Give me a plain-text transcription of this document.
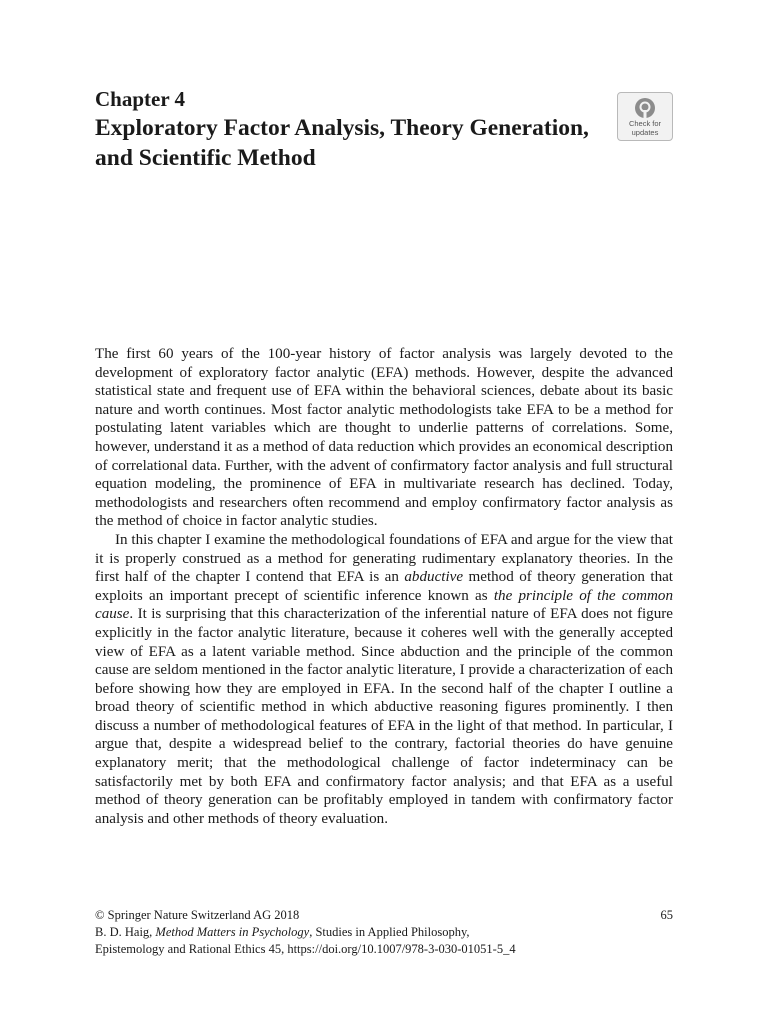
Chapter 4
Exploratory Factor Analysis, Theory Generation, and Scientific Method
Check for
updates

The first 60 years of the 100-year history of factor analysis was largely devoted to the development of exploratory factor analytic (EFA) methods. However, despite the advanced statistical state and frequent use of EFA within the behavioral sciences, debate about its basic nature and worth continues. Most factor analytic methodologists take EFA to be a method for postulating latent variables which are thought to underlie patterns of correlations. Some, however, understand it as a method of data reduction which provides an economical description of correlational data. Further, with the advent of confirmatory factor analysis and full structural equation modeling, the prominence of EFA in multivariate research has declined. Today, methodologists and researchers often recommend and employ confirmatory factor analysis as the method of choice in factor analytic studies.

In this chapter I examine the methodological foundations of EFA and argue for the view that it is properly construed as a method for generating rudimentary explanatory theories. In the first half of the chapter I contend that EFA is an abductive method of theory generation that exploits an important precept of scientific inference known as the principle of the common cause. It is surprising that this characterization of the inferential nature of EFA does not figure explicitly in the factor analytic literature, because it coheres well with the generally accepted view of EFA as a latent variable method. Since abduction and the principle of the common cause are seldom mentioned in the factor analytic literature, I provide a characterization of each before showing how they are employed in EFA. In the second half of the chapter I outline a broad theory of scientific method in which abductive reasoning figures prominently. I then discuss a number of methodological features of EFA in the light of that method. In particular, I argue that, despite a widespread belief to the contrary, factorial theories do have genuine explanatory merit; that the methodological challenge of factor indeterminacy can be satisfactorily met by both EFA and confirmatory factor analysis; and that EFA as a useful method of theory generation can be profitably employed in tandem with confirmatory factor analysis and other methods of theory evaluation.

© Springer Nature Switzerland AG 2018	65
B. D. Haig, Method Matters in Psychology, Studies in Applied Philosophy,
Epistemology and Rational Ethics 45, https://doi.org/10.1007/978-3-030-01051-5_4
